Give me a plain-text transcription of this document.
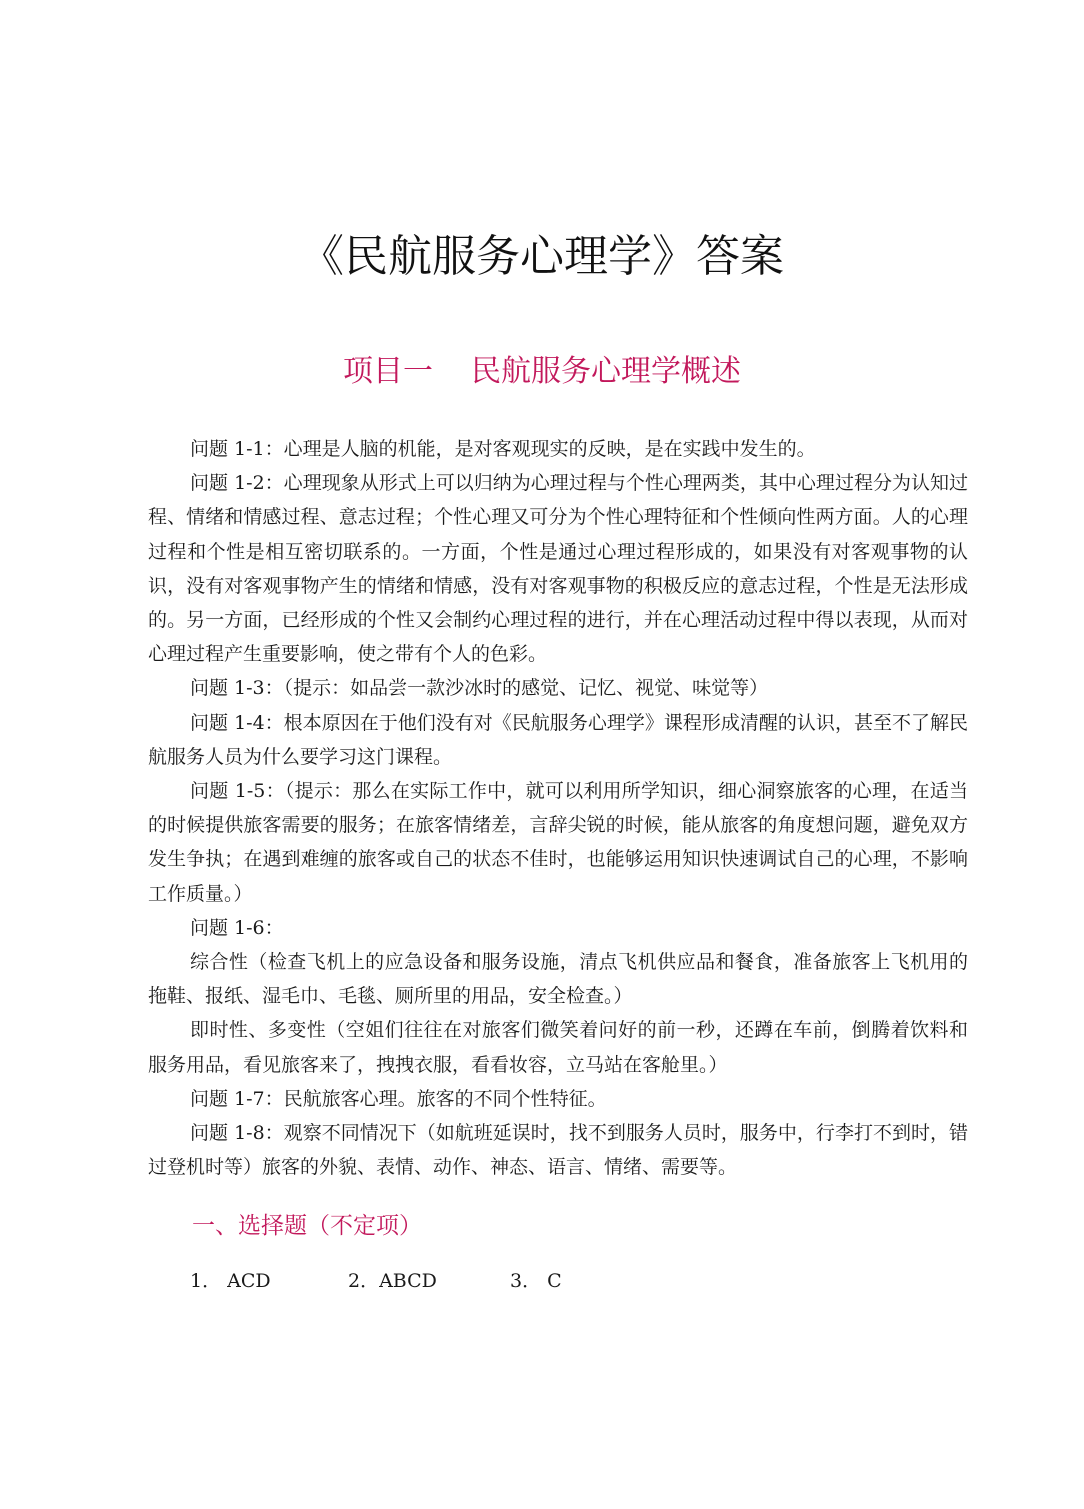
《民航服务心理学》答案
项目一 民航服务心理学概述

问题 1-1：心理是人脑的机能，是对客观现实的反映，是在实践中发生的。

问题 1-2：心理现象从形式上可以归纳为心理过程与个性心理两类，其中心理过程分为认知过程、情绪和情感过程、意志过程；个性心理又可分为个性心理特征和个性倾向性两方面。人的心理过程和个性是相互密切联系的。一方面，个性是通过心理过程形成的，如果没有对客观事物的认识，没有对客观事物产生的情绪和情感，没有对客观事物的积极反应的意志过程，个性是无法形成的。另一方面，已经形成的个性又会制约心理过程的进行，并在心理活动过程中得以表现，从而对心理过程产生重要影响，使之带有个人的色彩。

问题 1-3：（提示：如品尝一款沙冰时的感觉、记忆、视觉、味觉等）

问题 1-4：根本原因在于他们没有对《民航服务心理学》课程形成清醒的认识，甚至不了解民航服务人员为什么要学习这门课程。

问题 1-5：（提示：那么在实际工作中，就可以利用所学知识，细心洞察旅客的心理，在适当的时候提供旅客需要的服务；在旅客情绪差，言辞尖锐的时候，能从旅客的角度想问题，避免双方发生争执；在遇到难缠的旅客或自己的状态不佳时，也能够运用知识快速调试自己的心理，不影响工作质量。）

问题 1-6：

综合性（检查飞机上的应急设备和服务设施，清点飞机供应品和餐食，准备旅客上飞机用的拖鞋、报纸、湿毛巾、毛毯、厕所里的用品，安全检查。）

即时性、多变性（空姐们往往在对旅客们微笑着问好的前一秒，还蹲在车前，倒腾着饮料和服务用品，看见旅客来了，拽拽衣服，看看妆容，立马站在客舱里。）

问题 1-7：民航旅客心理。旅客的不同个性特征。

问题 1-8：观察不同情况下（如航班延误时，找不到服务人员时，服务中，行李打不到时，错过登机时等）旅客的外貌、表情、动作、神态、语言、情绪、需要等。

一、选择题（不定项）
1． ACD	2．ABCD	3． C
